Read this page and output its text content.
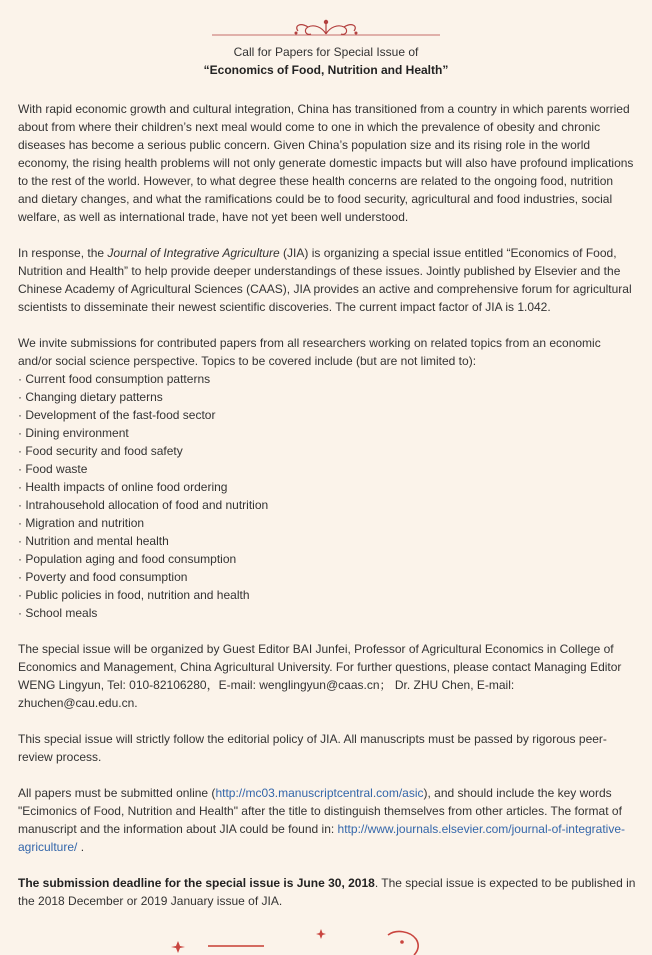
Call for Papers for Special Issue of
“Economics of Food, Nutrition and Health”

With rapid economic growth and cultural integration, China has transitioned from a country in which parents worried about from where their children’s next meal would come to one in which the prevalence of obesity and chronic diseases has become a serious public concern. Given China’s population size and its rising role in the world economy, the rising health problems will not only generate domestic impacts but will also have profound implications to the rest of the world. However, to what degree these health concerns are related to the ongoing food, nutrition and dietary changes, and what the ramifications could be to food security, agricultural and food industries, social welfare, as well as international trade, have not yet been well understood.

In response, the Journal of Integrative Agriculture (JIA) is organizing a special issue entitled “Economics of Food, Nutrition and Health” to help provide deeper understandings of these issues. Jointly published by Elsevier and the Chinese Academy of Agricultural Sciences (CAAS), JIA provides an active and comprehensive forum for agricultural scientists to disseminate their newest scientific discoveries. The current impact factor of JIA is 1.042.

We invite submissions for contributed papers from all researchers working on related topics from an economic and/or social science perspective. Topics to be covered include (but are not limited to):

· Current food consumption patterns
· Changing dietary patterns
· Development of the fast-food sector
· Dining environment
· Food security and food safety
· Food waste
· Health impacts of online food ordering
· Intrahousehold allocation of food and nutrition
· Migration and nutrition
· Nutrition and mental health
· Population aging and food consumption
· Poverty and food consumption
· Public policies in food, nutrition and health
· School meals

The special issue will be organized by Guest Editor BAI Junfei, Professor of Agricultural Economics in College of Economics and Management, China Agricultural University. For further questions, please contact Managing Editor WENG Lingyun, Tel: 010-82106280，E-mail: wenglingyun@caas.cn； Dr. ZHU Chen, E-mail: zhuchen@cau.edu.cn.

This special issue will strictly follow the editorial policy of JIA. All manuscripts must be passed by rigorous peer-review process.

All papers must be submitted online (http://mc03.manuscriptcentral.com/asic), and should include the key words "Ecimonics of Food, Nutrition and Health" after the title to distinguish themselves from other articles. The format of manuscript and the information about JIA could be found in: http://www.journals.elsevier.com/journal-of-integrative-agriculture/ .

The submission deadline for the special issue is June 30, 2018. The special issue is expected to be published in the 2018 December or 2019 January issue of JIA.
